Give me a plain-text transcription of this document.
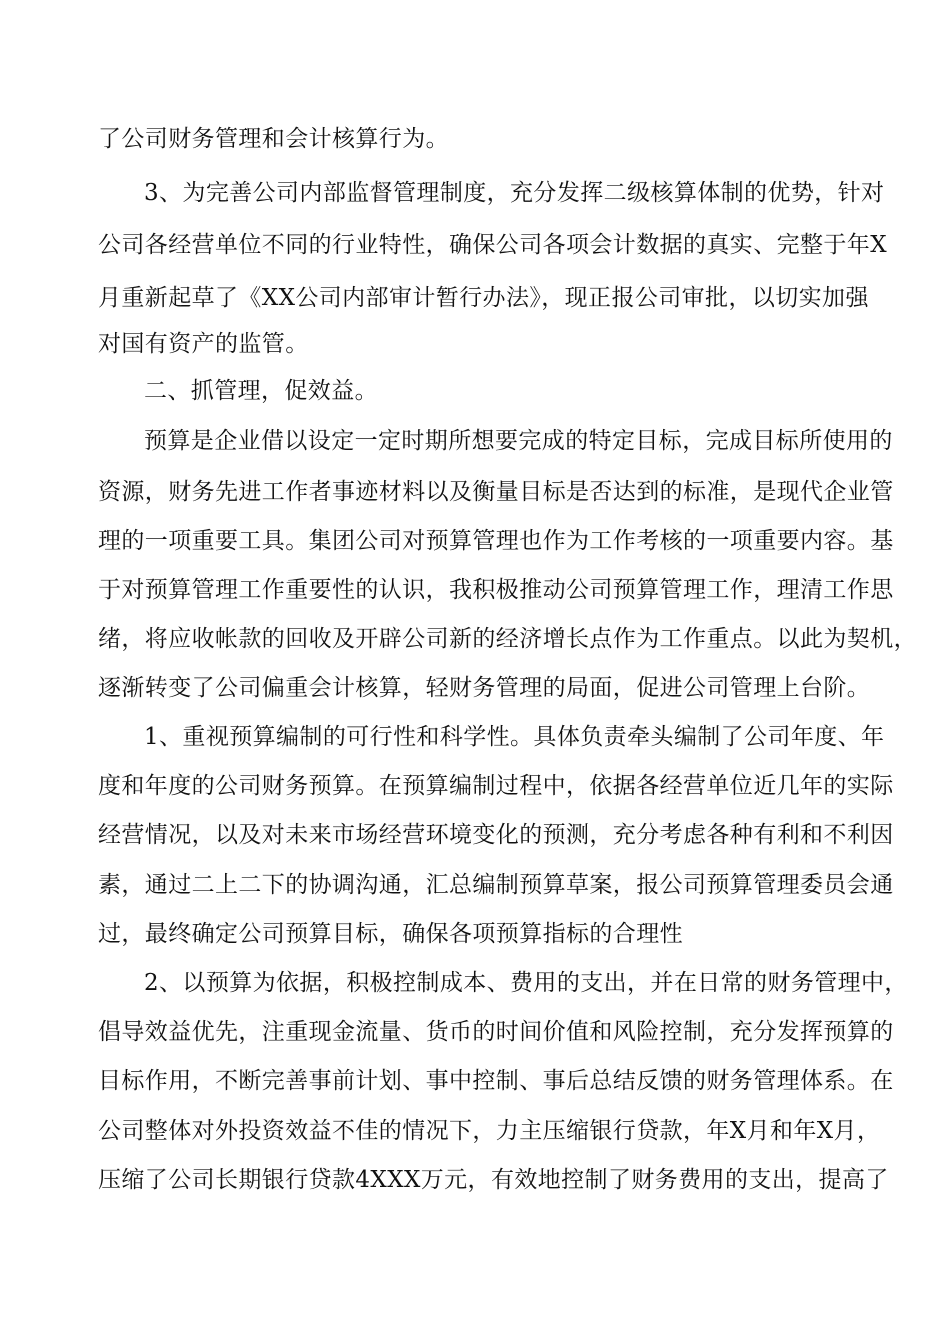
了公司财务管理和会计核算行为。
3、为完善公司内部监督管理制度，充分发挥二级核算体制的优势，针对
公司各经营单位不同的行业特性，确保公司各项会计数据的真实、完整于年X
月重新起草了《XX公司内部审计暂行办法》，现正报公司审批，以切实加强
对国有资产的监管。
二、抓管理，促效益。
预算是企业借以设定一定时期所想要完成的特定目标，完成目标所使用的
资源，财务先进工作者事迹材料以及衡量目标是否达到的标准，是现代企业管
理的一项重要工具。集团公司对预算管理也作为工作考核的一项重要内容。基
于对预算管理工作重要性的认识，我积极推动公司预算管理工作，理清工作思
绪，将应收帐款的回收及开辟公司新的经济增长点作为工作重点。以此为契机，
逐渐转变了公司偏重会计核算，轻财务管理的局面，促进公司管理上台阶。
1、重视预算编制的可行性和科学性。具体负责牵头编制了公司年度、年
度和年度的公司财务预算。在预算编制过程中，依据各经营单位近几年的实际
经营情况，以及对未来市场经营环境变化的预测，充分考虑各种有利和不利因
素，通过二上二下的协调沟通，汇总编制预算草案，报公司预算管理委员会通
过，最终确定公司预算目标，确保各项预算指标的合理性
2、以预算为依据，积极控制成本、费用的支出，并在日常的财务管理中，
倡导效益优先，注重现金流量、货币的时间价值和风险控制，充分发挥预算的
目标作用，不断完善事前计划、事中控制、事后总结反馈的财务管理体系。在
公司整体对外投资效益不佳的情况下，力主压缩银行贷款，年X月和年X月，
压缩了公司长期银行贷款4XXX万元，有效地控制了财务费用的支出，提高了
